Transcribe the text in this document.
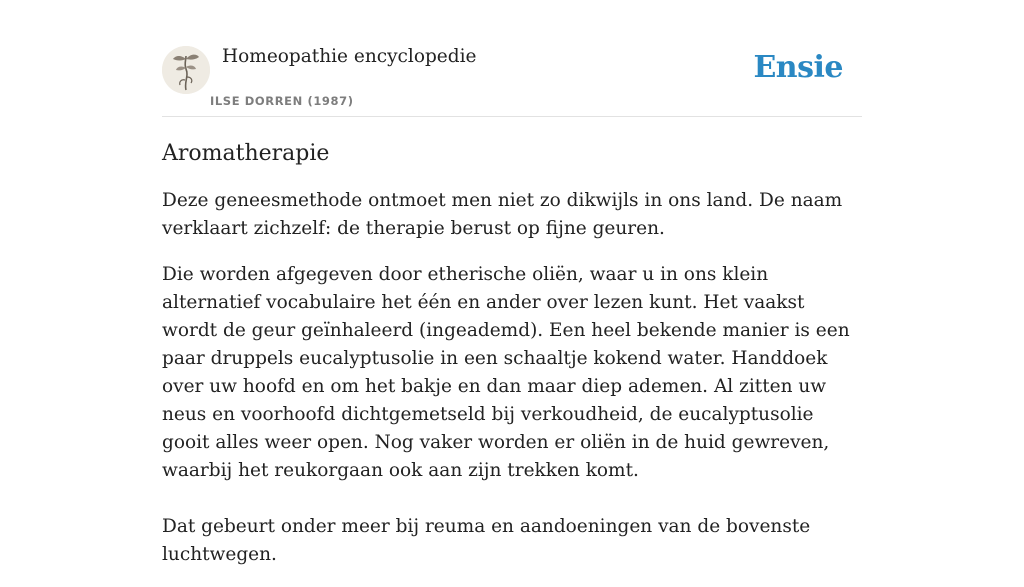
Homeopathie encyclopedie
ILSE DORREN (1987)
Ensie
Aromatherapie

Deze geneesmethode ontmoet men niet zo dikwijls in ons land. De naam verklaart zichzelf: de therapie berust op fijne geuren.

Die worden afgegeven door etherische oliën, waar u in ons klein alternatief vocabulaire het één en ander over lezen kunt. Het vaakst wordt de geur geïnhaleerd (ingeademd). Een heel bekende manier is een paar druppels eucalyptusolie in een schaaltje kokend water. Handdoek over uw hoofd en om het bakje en dan maar diep ademen. Al zitten uw neus en voorhoofd dichtgemetseld bij verkoudheid, de eucalyptusolie gooit alles weer open. Nog vaker worden er oliën in de huid gewreven, waarbij het reukorgaan ook aan zijn trekken komt.

Dat gebeurt onder meer bij reuma en aandoeningen van de bovenste luchtwegen.
